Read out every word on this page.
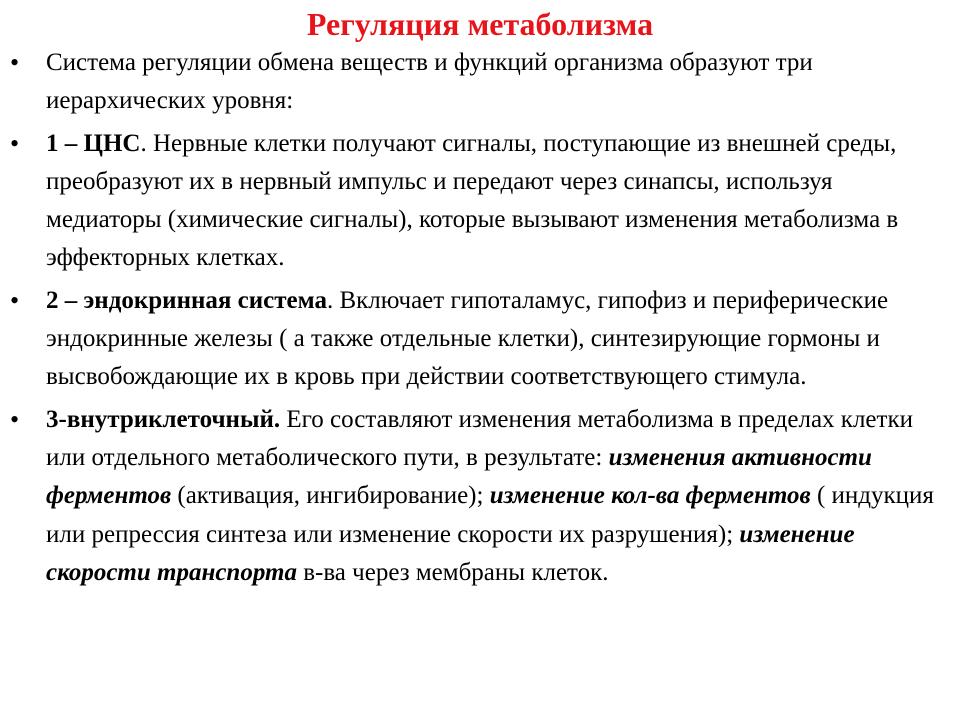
Регуляция метаболизма
• Система регуляции обмена веществ и функций организма образуют три иерархических уровня:
• 1 – ЦНС. Нервные клетки получают сигналы, поступающие из внешней среды, преобразуют их в нервный импульс и передают через синапсы, используя медиаторы (химические сигналы), которые вызывают изменения метаболизма в эффекторных клетках.
• 2 – эндокринная система. Включает гипоталамус, гипофиз и периферические эндокринные железы ( а также отдельные клетки), синтезирующие гормоны и высвобождающие их в кровь при действии соответствующего стимула.
• 3-внутриклеточный. Его составляют изменения метаболизма в пределах клетки или отдельного метаболического пути, в результате: изменения активности ферментов (активация, ингибирование); изменение кол-ва ферментов ( индукция или репрессия синтеза или изменение скорости их разрушения); изменение скорости транспорта в-ва через мембраны клеток.
